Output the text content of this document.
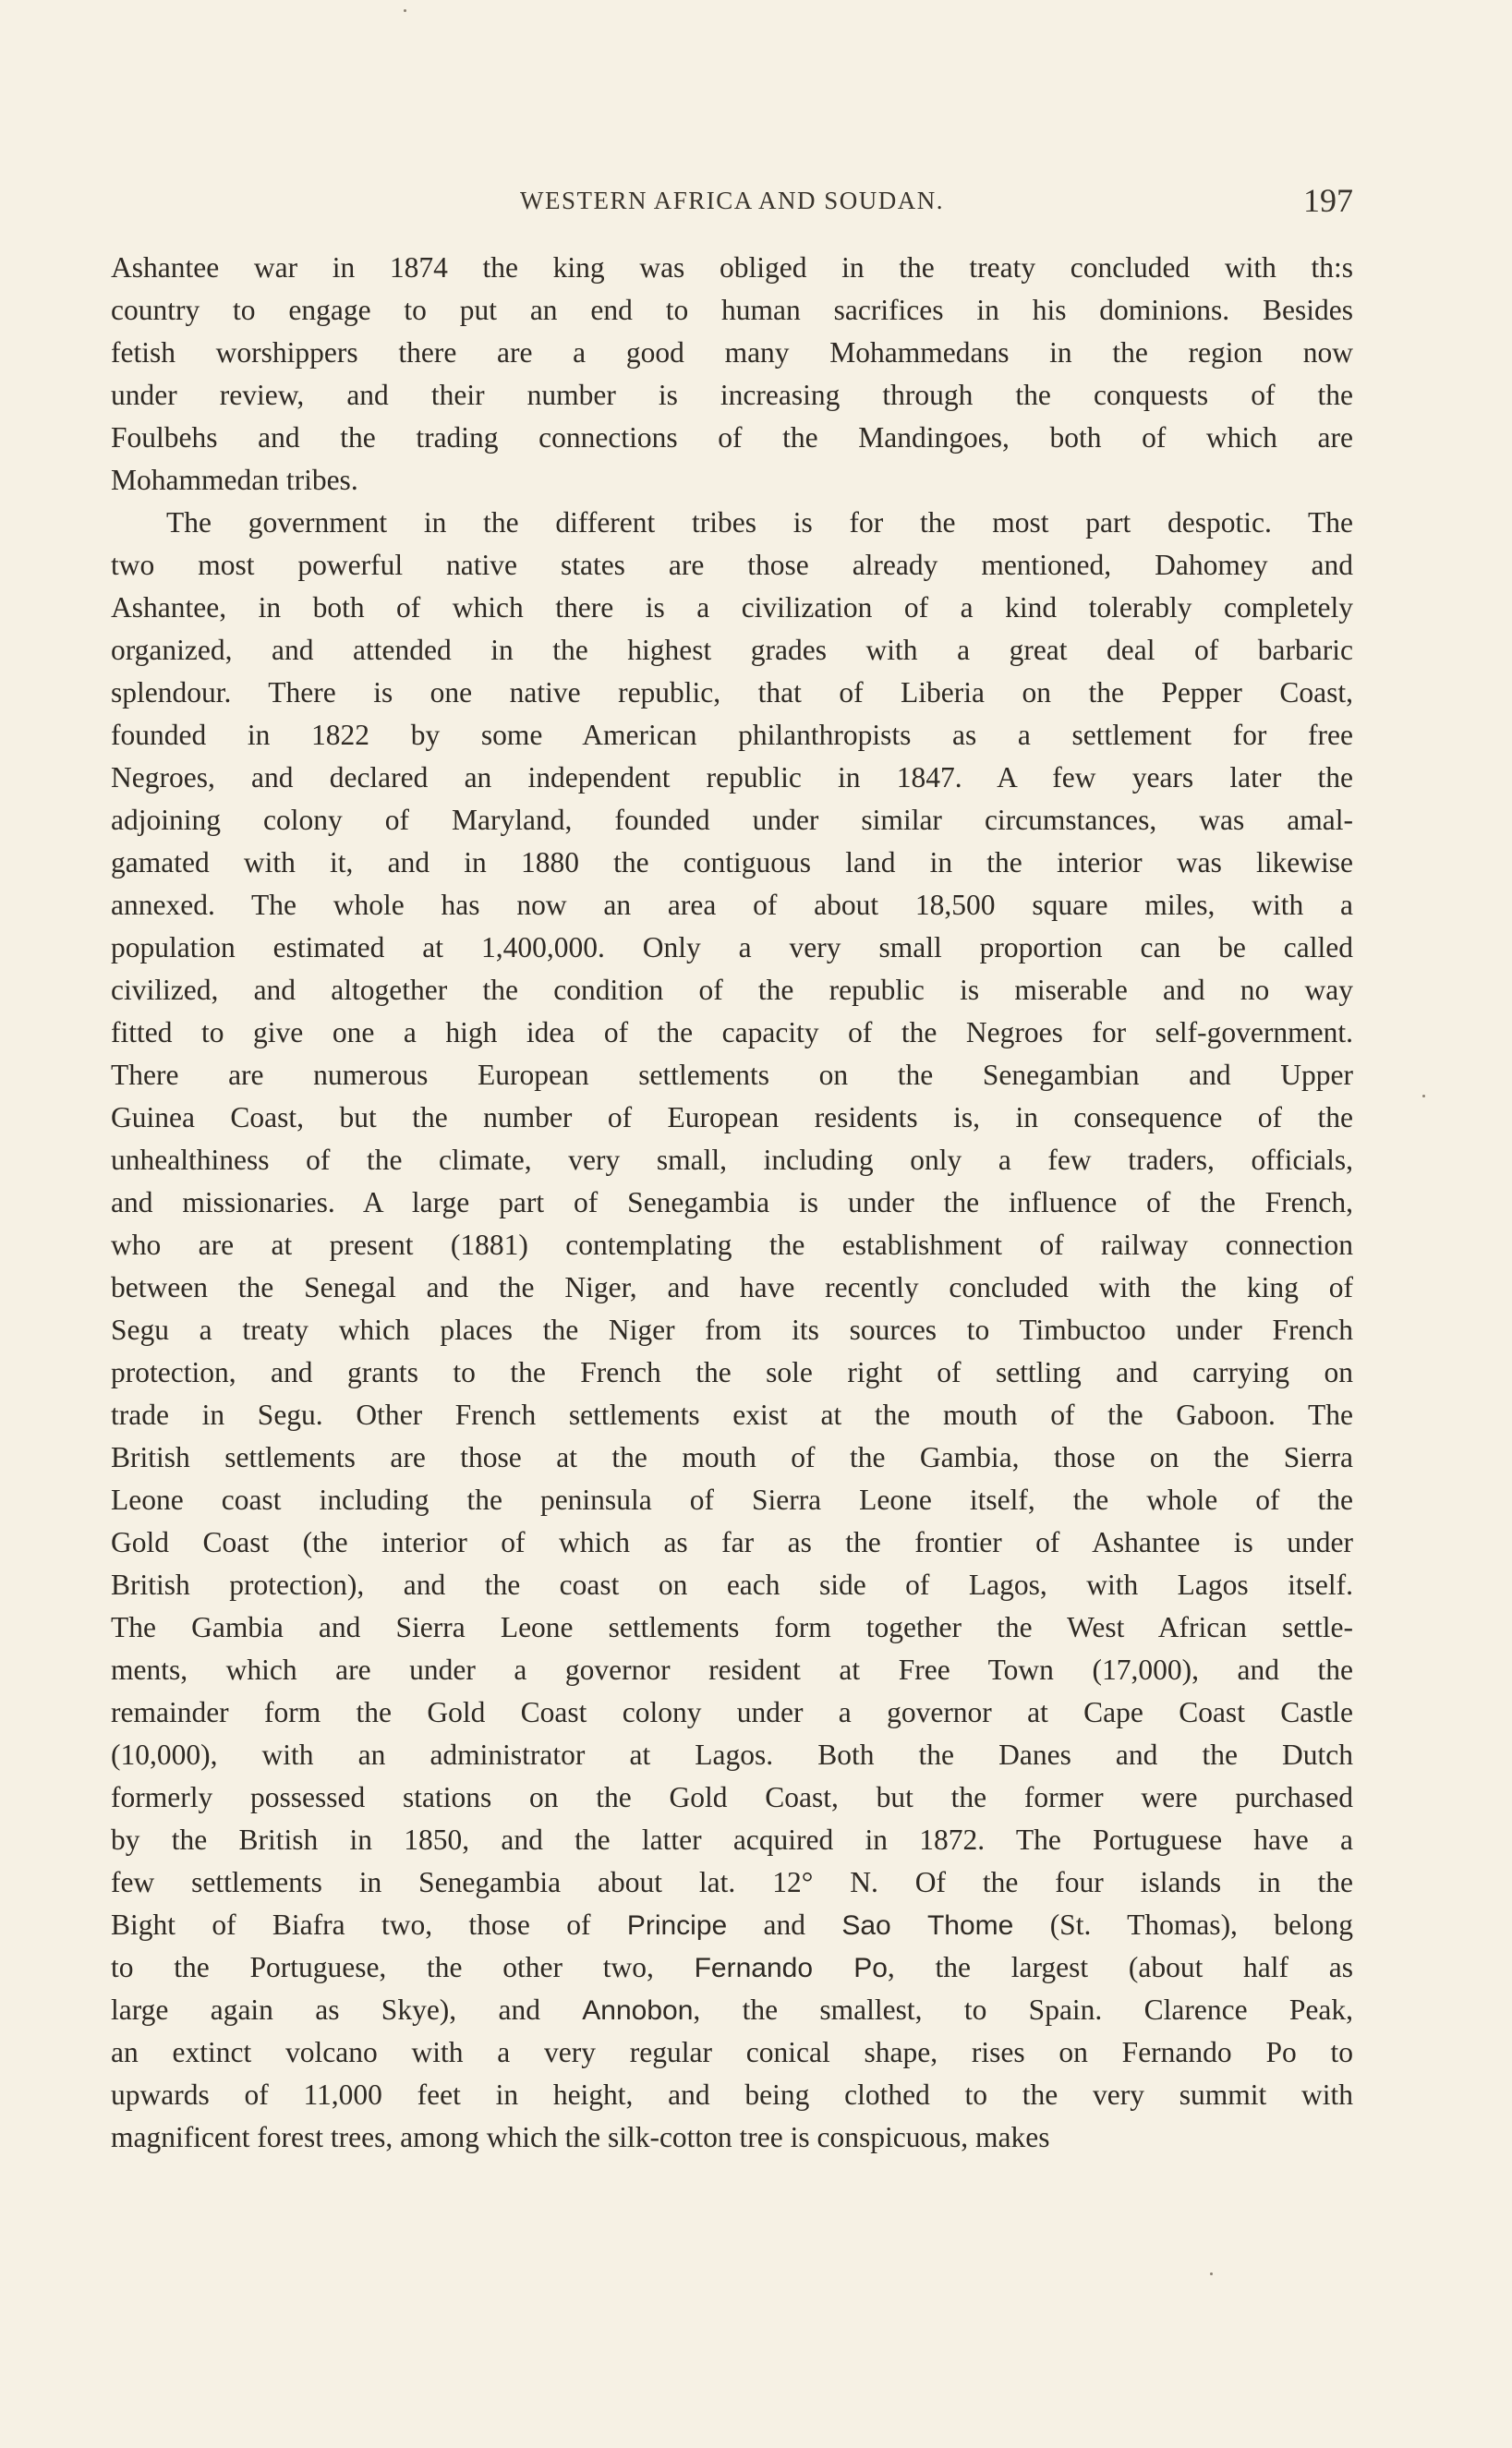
WESTERN AFRICA AND SOUDAN.	197
Ashantee war in 1874 the king was obliged in the treaty concluded with th:s
country to engage to put an end to human sacrifices in his dominions. Besides
fetish worshippers there are a good many Mohammedans in the region now
under review, and their number is increasing through the conquests of the
Foulbehs and the trading connections of the Mandingoes, both of which are
Mohammedan tribes.
The government in the different tribes is for the most part despotic. The
two most powerful native states are those already mentioned, Dahomey and
Ashantee, in both of which there is a civilization of a kind tolerably completely
organized, and attended in the highest grades with a great deal of barbaric
splendour. There is one native republic, that of Liberia on the Pepper Coast,
founded in 1822 by some American philanthropists as a settlement for free
Negroes, and declared an independent republic in 1847. A few years later the
adjoining colony of Maryland, founded under similar circumstances, was amal-
gamated with it, and in 1880 the contiguous land in the interior was likewise
annexed. The whole has now an area of about 18,500 square miles, with a
population estimated at 1,400,000. Only a very small proportion can be called
civilized, and altogether the condition of the republic is miserable and no way
fitted to give one a high idea of the capacity of the Negroes for self-government.
There are numerous European settlements on the Senegambian and Upper
Guinea Coast, but the number of European residents is, in consequence of the
unhealthiness of the climate, very small, including only a few traders, officials,
and missionaries. A large part of Senegambia is under the influence of the French,
who are at present (1881) contemplating the establishment of railway connection
between the Senegal and the Niger, and have recently concluded with the king of
Segu a treaty which places the Niger from its sources to Timbuctoo under French
protection, and grants to the French the sole right of settling and carrying on
trade in Segu. Other French settlements exist at the mouth of the Gaboon. The
British settlements are those at the mouth of the Gambia, those on the Sierra
Leone coast including the peninsula of Sierra Leone itself, the whole of the
Gold Coast (the interior of which as far as the frontier of Ashantee is under
British protection), and the coast on each side of Lagos, with Lagos itself.
The Gambia and Sierra Leone settlements form together the West African settle-
ments, which are under a governor resident at Free Town (17,000), and the
remainder form the Gold Coast colony under a governor at Cape Coast Castle
(10,000), with an administrator at Lagos. Both the Danes and the Dutch
formerly possessed stations on the Gold Coast, but the former were purchased
by the British in 1850, and the latter acquired in 1872. The Portuguese have a
few settlements in Senegambia about lat. 12° N. Of the four islands in the
Bight of Biafra two, those of Principe and Sao Thome (St. Thomas), belong
to the Portuguese, the other two, Fernando Po, the largest (about half as
large again as Skye), and Annobon, the smallest, to Spain. Clarence Peak,
an extinct volcano with a very regular conical shape, rises on Fernando Po to
upwards of 11,000 feet in height, and being clothed to the very summit with
magnificent forest trees, among which the silk-cotton tree is conspicuous, makes
